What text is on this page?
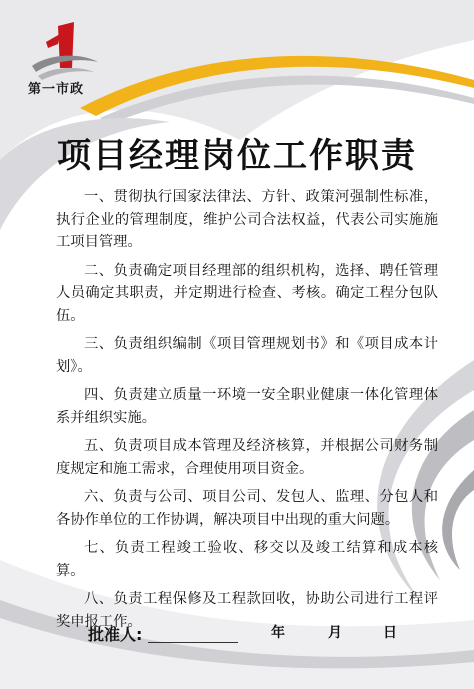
第一市政
项目经理岗位工作职责

一、贯彻执行国家法律法、方针、政策河强制性标准，执行企业的管理制度，维护公司合法权益，代表公司实施施工项目管理。

二、负责确定项目经理部的组织机构，选择、聘任管理人员确定其职责，并定期进行检查、考核。确定工程分包队伍。

三、负责组织编制《项目管理规划书》和《项目成本计划》。

四、负责建立质量一环境一安全职业健康一体化管理体系并组织实施。

五、负责项目成本管理及经济核算，并根据公司财务制度规定和施工需求，合理使用项目资金。

六、负责与公司、项目公司、发包人、监理、分包人和各协作单位的工作协调，解决项目中出现的重大问题。

七、负责工程竣工验收、移交以及竣工结算和成本核算。

八、负责工程保修及工程款回收，协助公司进行工程评奖申报工作。

批准人:	年	月	日
